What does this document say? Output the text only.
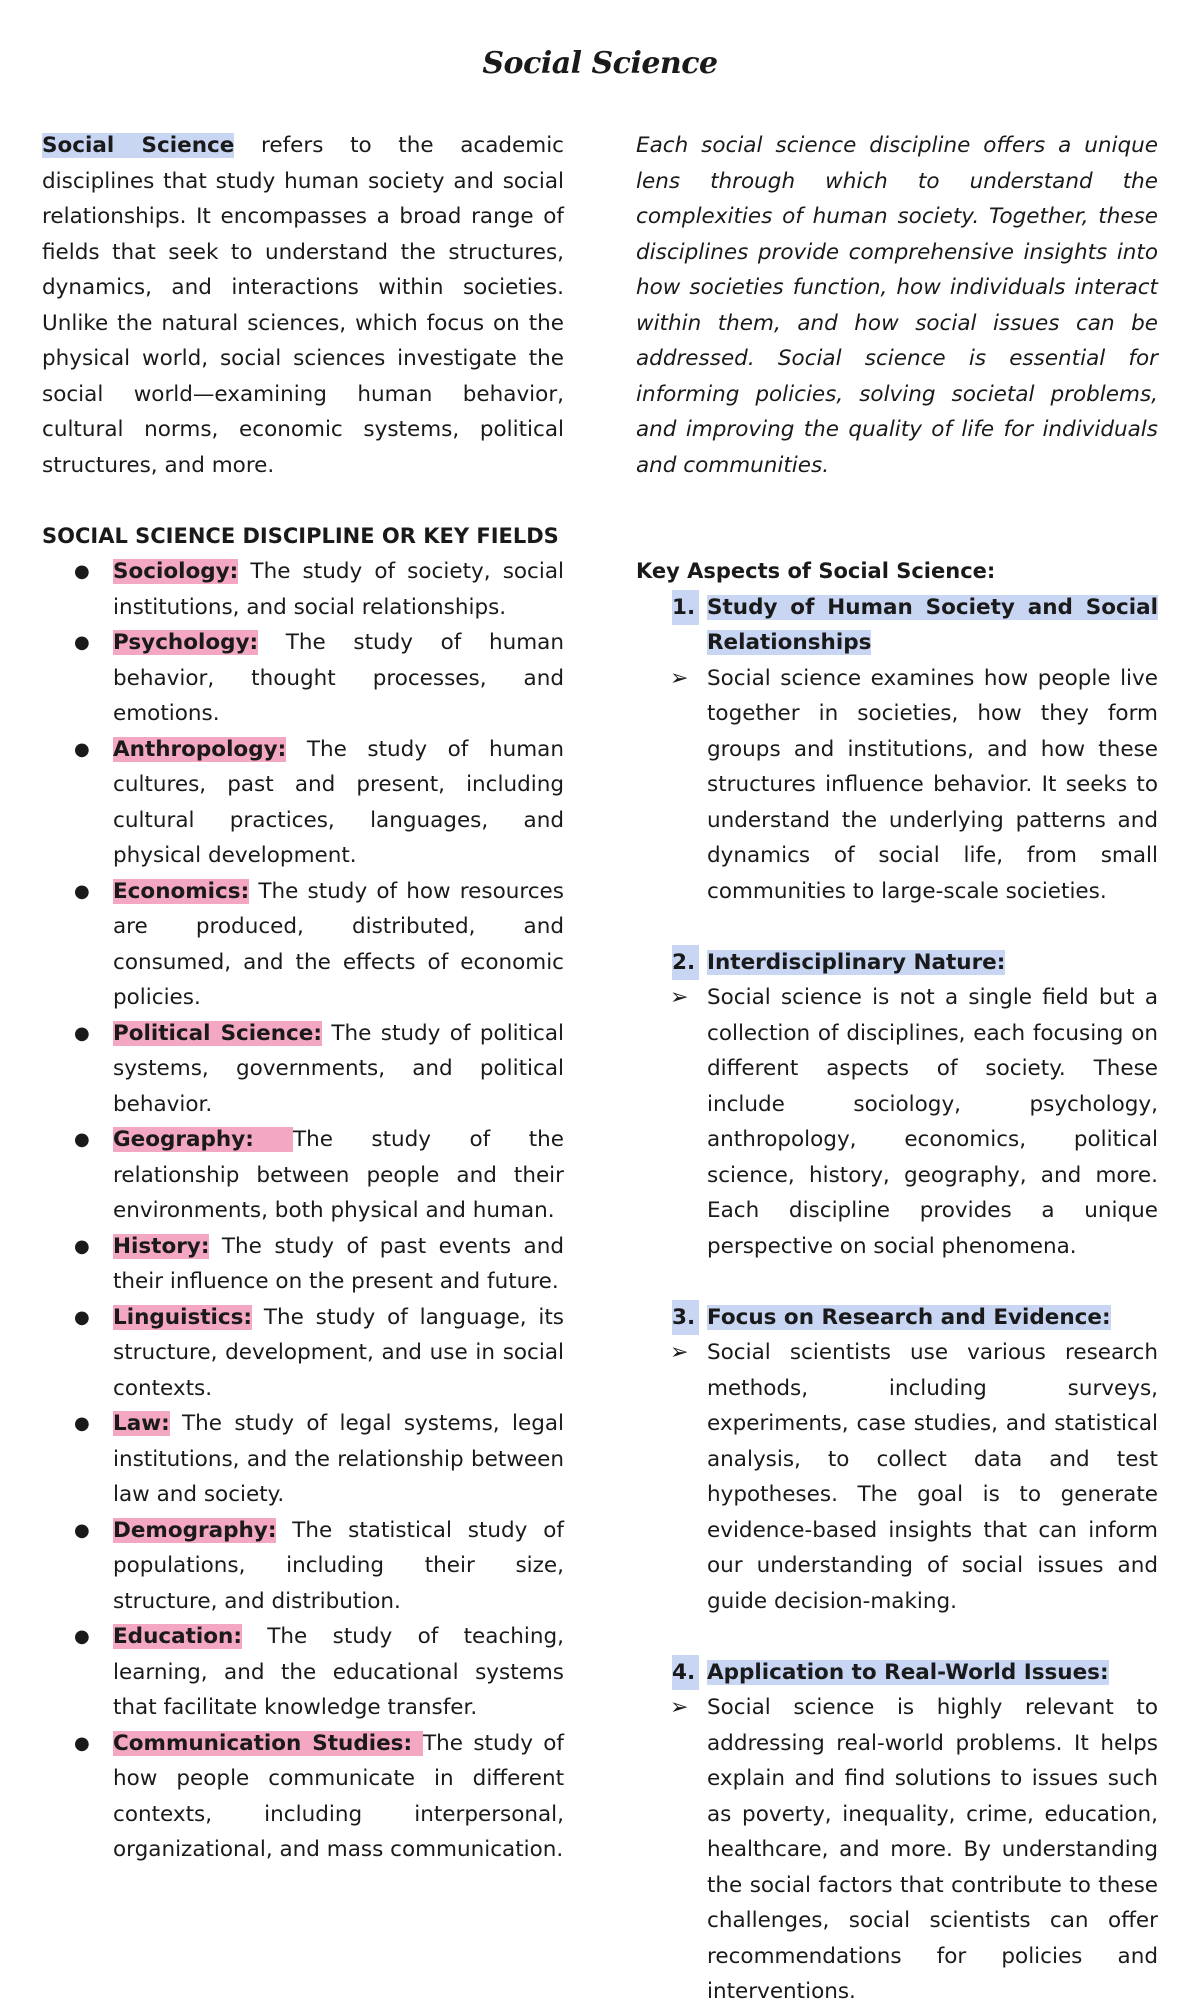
Social Science

Social Science refers to the academic disciplines that study human society and social relationships. It encompasses a broad range of fields that seek to understand the structures, dynamics, and interactions within societies. Unlike the natural sciences, which focus on the physical world, social sciences investigate the social world—examining human behavior, cultural norms, economic systems, political structures, and more.

SOCIAL SCIENCE DISCIPLINE OR KEY FIELDS
● Sociology: The study of society, social institutions, and social relationships.
● Psychology: The study of human behavior, thought processes, and emotions.
● Anthropology: The study of human cultures, past and present, including cultural practices, languages, and physical development.
● Economics: The study of how resources are produced, distributed, and consumed, and the effects of economic policies.
● Political Science: The study of political systems, governments, and political behavior.
● Geography: The study of the relationship between people and their environments, both physical and human.
● History: The study of past events and their influence on the present and future.
● Linguistics: The study of language, its structure, development, and use in social contexts.
● Law: The study of legal systems, legal institutions, and the relationship between law and society.
● Demography: The statistical study of populations, including their size, structure, and distribution.
● Education: The study of teaching, learning, and the educational systems that facilitate knowledge transfer.
● Communication Studies: The study of how people communicate in different contexts, including interpersonal, organizational, and mass communication.

Each social science discipline offers a unique lens through which to understand the complexities of human society. Together, these disciplines provide comprehensive insights into how societies function, how individuals interact within them, and how social issues can be addressed. Social science is essential for informing policies, solving societal problems, and improving the quality of life for individuals and communities.

Key Aspects of Social Science:
1. Study of Human Society and Social Relationships
➢ Social science examines how people live together in societies, how they form groups and institutions, and how these structures influence behavior. It seeks to understand the underlying patterns and dynamics of social life, from small communities to large-scale societies.
2. Interdisciplinary Nature:
➢ Social science is not a single field but a collection of disciplines, each focusing on different aspects of society. These include sociology, psychology, anthropology, economics, political science, history, geography, and more. Each discipline provides a unique perspective on social phenomena.
3. Focus on Research and Evidence:
➢ Social scientists use various research methods, including surveys, experiments, case studies, and statistical analysis, to collect data and test hypotheses. The goal is to generate evidence-based insights that can inform our understanding of social issues and guide decision-making.
4. Application to Real-World Issues:
➢ Social science is highly relevant to addressing real-world problems. It helps explain and find solutions to issues such as poverty, inequality, crime, education, healthcare, and more. By understanding the social factors that contribute to these challenges, social scientists can offer recommendations for policies and interventions.
